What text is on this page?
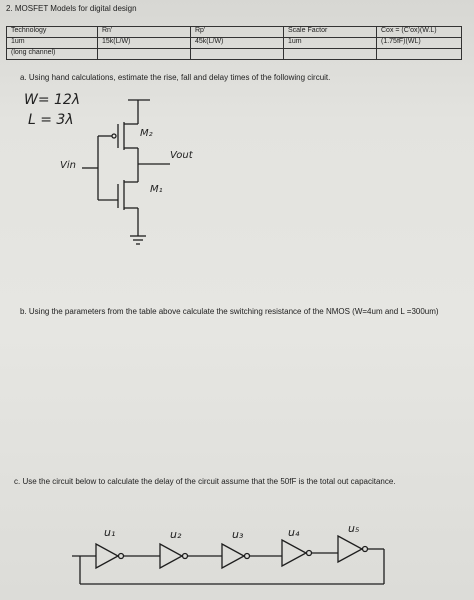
2. MOSFET Models for digital design
Technology	Rn'	Rp'	Scale Factor	Cox = (C'ox)(W.L)
1um	15k(L/W)	45k(L/W)	1um	(1.75fF)(WL)
(long channel)				
a. Using hand calculations, estimate the rise, fall and delay times of the following circuit.
W= 12λ
L = 3λ
M₂
M₁
Vin
Vout
b. Using the parameters from the table above calculate the switching resistance of the NMOS (W=4um and L =300um)
c. Use the circuit below to calculate the delay of the circuit assume that the 50fF is the total out capacitance.
u₁	u₂	u₃	u₄	u₅
